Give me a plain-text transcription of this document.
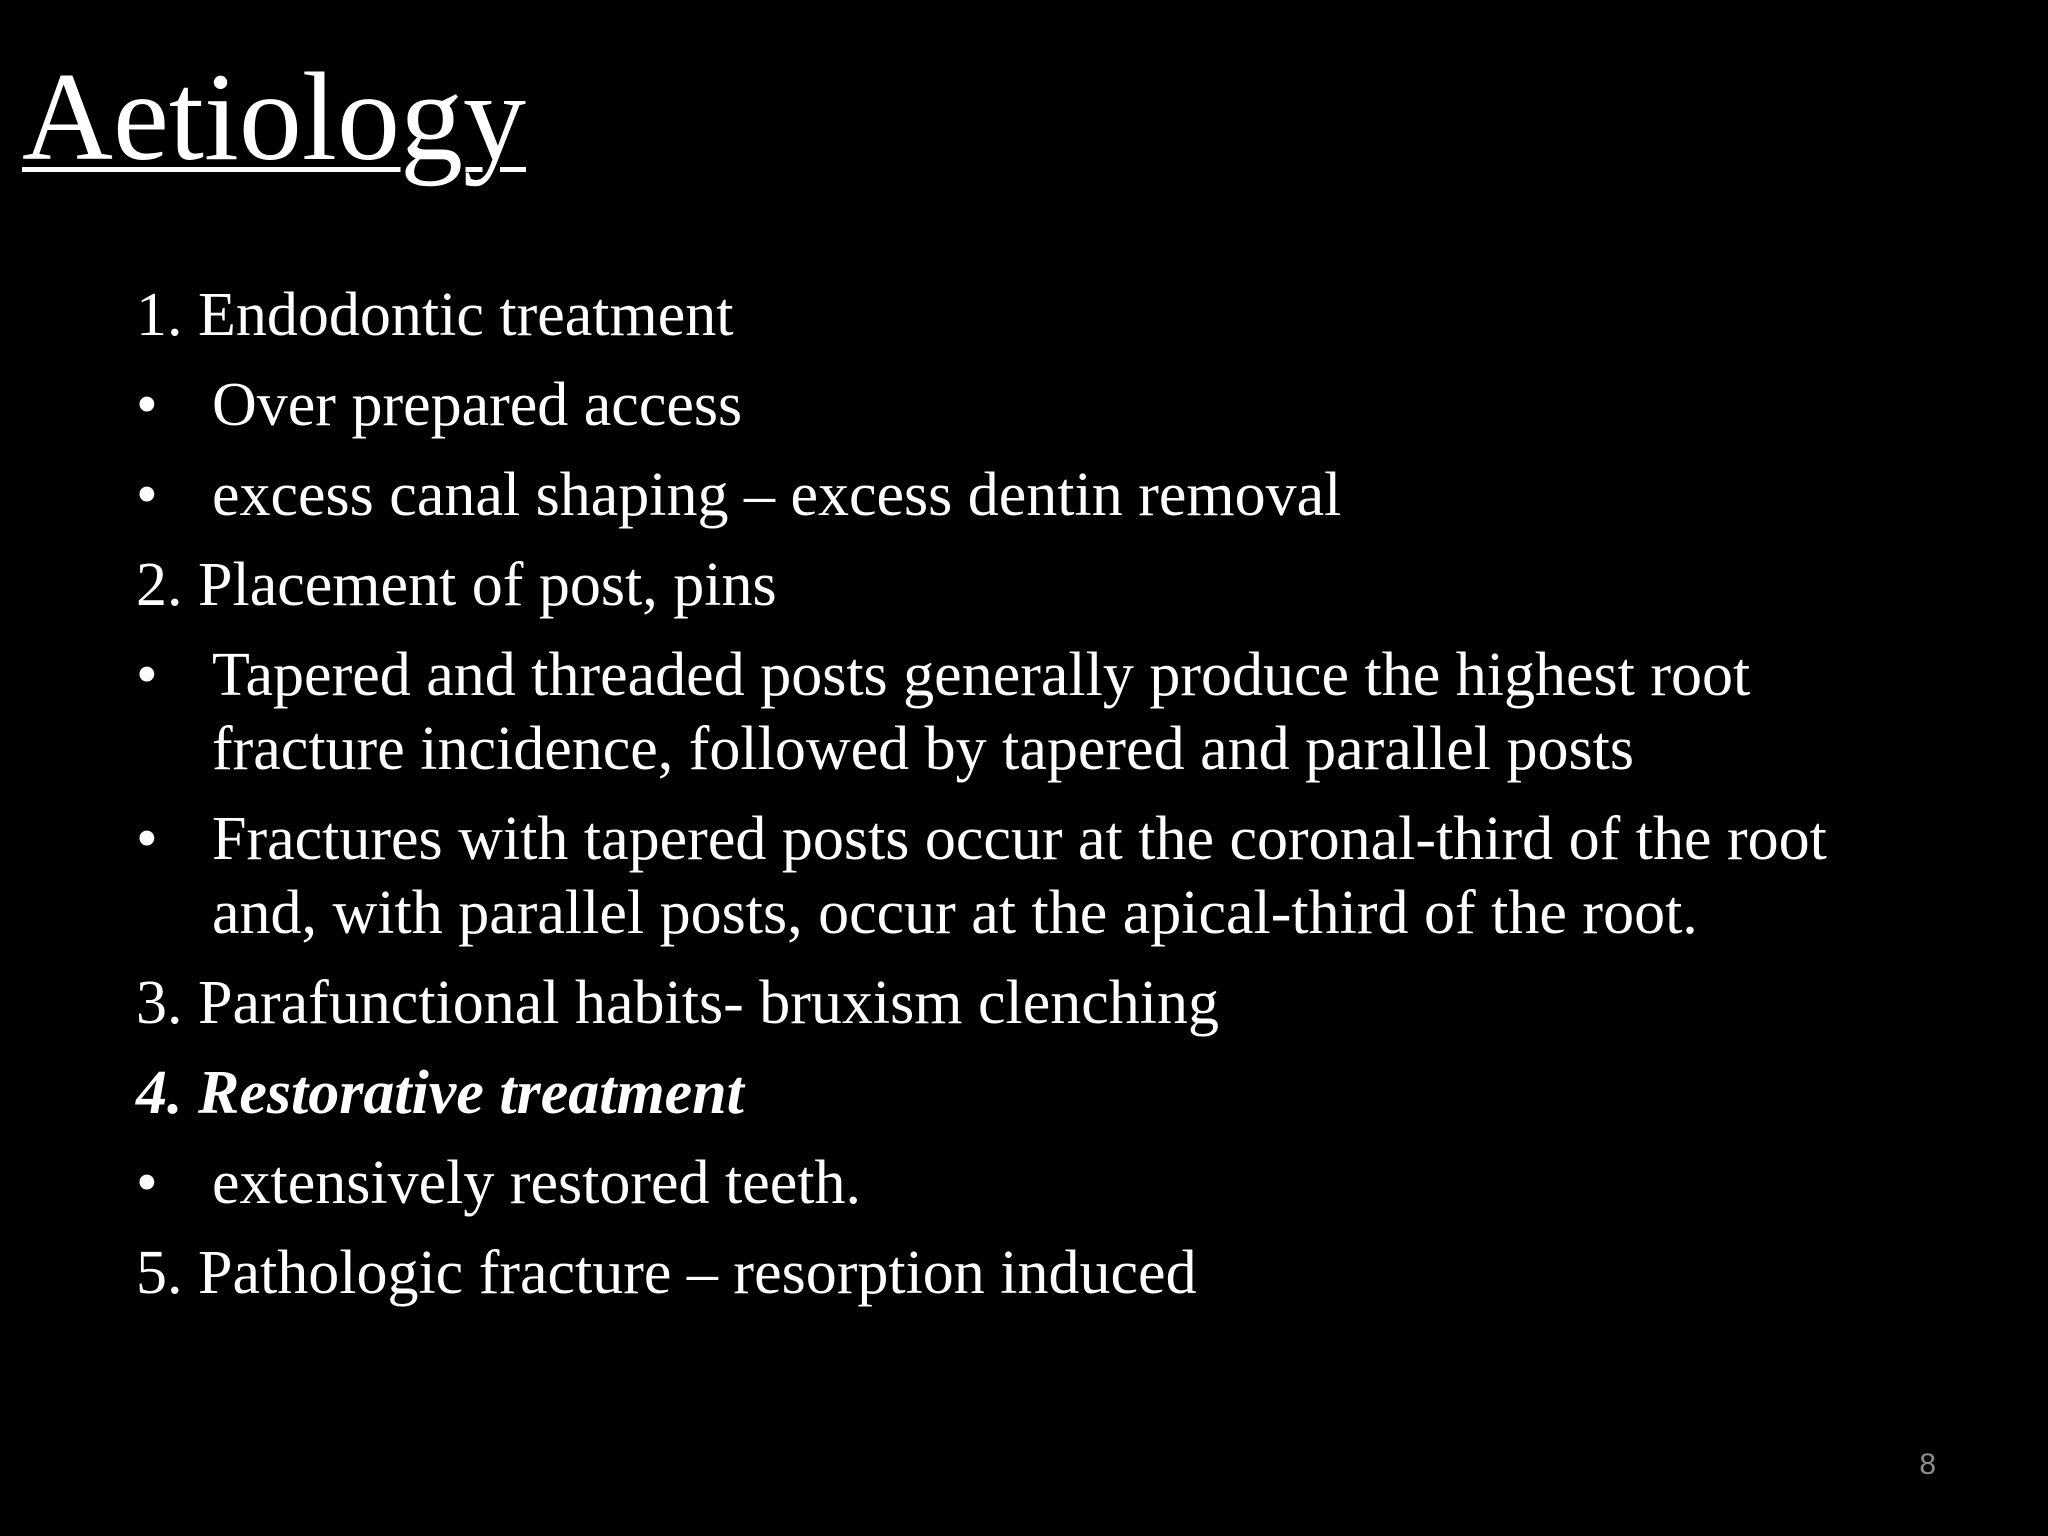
Aetiology
1. Endodontic treatment
• Over prepared access
• excess canal shaping – excess dentin removal
2. Placement of post, pins
• Tapered and threaded posts generally produce the highest root fracture incidence, followed by tapered and parallel posts
• Fractures with tapered posts occur at the coronal-third of the root and, with parallel posts, occur at the apical-third of the root.
3. Parafunctional habits- bruxism clenching
4. Restorative treatment
• extensively restored teeth.
5. Pathologic fracture – resorption induced
8
